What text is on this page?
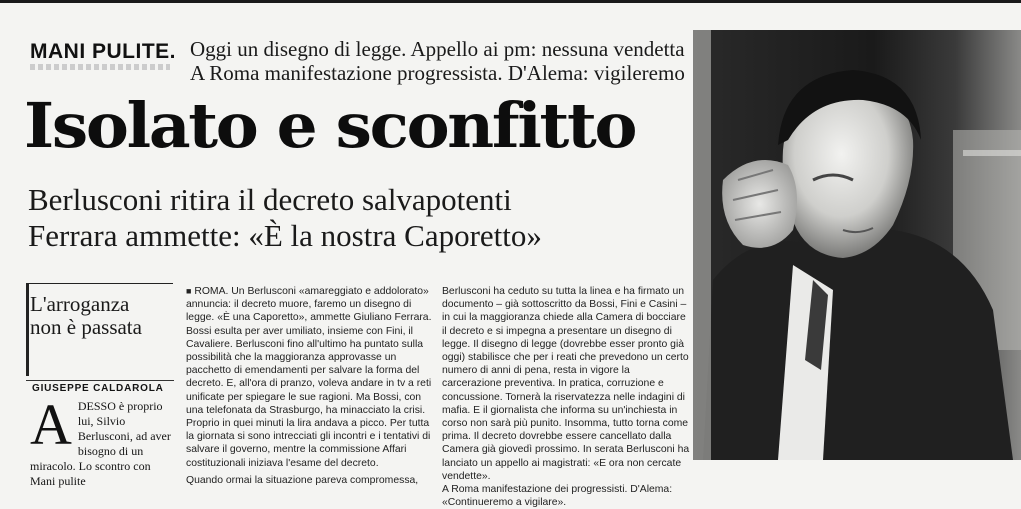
MANI PULITE. Oggi un disegno di legge. Appello ai pm: nessuna vendetta
A Roma manifestazione progressista. D'Alema: vigileremo
Isolato e sconfitto
Berlusconi ritira il decreto salvapotenti
Ferrara ammette: «È la nostra Caporetto»
L'arroganza
non è passata
GIUSEPPE CALDAROLA
ADESSO è proprio lui, Silvio Berlusconi, ad aver bisogno di un miracolo. Lo scontro con Mani pulite

■ ROMA. Un Berlusconi «amareggiato e addolorato» annuncia: il decreto muore, faremo un disegno di legge. «È una Caporetto», ammette Giuliano Ferrara. Bossi esulta per aver umiliato, insieme con Fini, il Cavaliere. Berlusconi fino all'ultimo ha puntato sulla possibilità che la maggioranza approvasse un pacchetto di emendamenti per salvare la forma del decreto. E, all'ora di pranzo, voleva andare in tv a reti unificate per spiegare le sue ragioni. Ma Bossi, con una telefonata da Strasburgo, ha minacciato la crisi. Proprio in quei minuti la lira andava a picco. Per tutta la giornata si sono intrecciati gli incontri e i tentativi di salvare il governo, mentre la commissione Affari costituzionali iniziava l'esame del decreto.

Quando ormai la situazione pareva compromessa,

Berlusconi ha ceduto su tutta la linea e ha firmato un documento – già sottoscritto da Bossi, Fini e Casini – in cui la maggioranza chiede alla Camera di bocciare il decreto e si impegna a presentare un disegno di legge. Il disegno di legge (dovrebbe esser pronto già oggi) stabilisce che per i reati che prevedono un certo numero di anni di pena, resta in vigore la carcerazione preventiva. In pratica, corruzione e concussione. Tornerà la riservatezza nelle indagini di mafia. E il giornalista che informa su un'inchiesta in corso non sarà più punito. Insomma, tutto torna come prima. Il decreto dovrebbe essere cancellato dalla Camera già giovedì prossimo. In serata Berlusconi ha lanciato un appello ai magistrati: «E ora non cercate vendette».

A Roma manifestazione dei progressisti. D'Alema: «Continueremo a vigilare».
